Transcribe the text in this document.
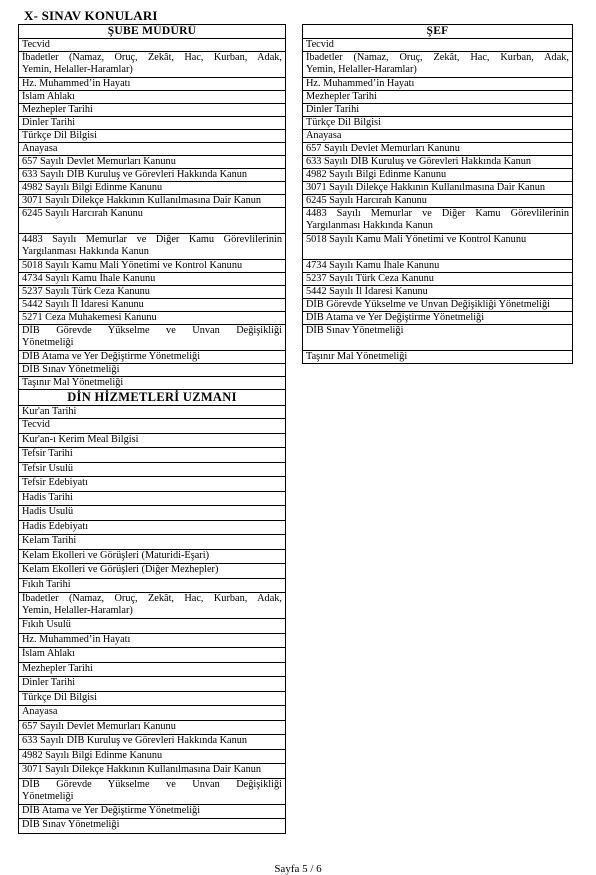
X- SINAV KONULARI
ŞUBE MÜDÜRÜ
Tecvid
İbadetler (Namaz, Oruç, Zekât, Hac, Kurban, Adak,
Yemin, Helaller-Haramlar)

Hz. Muhammed’in Hayatı
İslam Ahlakı
Mezhepler Tarihi
Dinler Tarihi
Türkçe Dil Bilgisi
Anayasa
657 Sayılı Devlet Memurları Kanunu
633 Sayılı DİB Kuruluş ve Görevleri Hakkında Kanun
4982 Sayılı Bilgi Edinme Kanunu
3071 Sayılı Dilekçe Hakkının Kullanılmasına Dair Kanun
6245 Sayılı Harcırah Kanunu
4483 Sayılı Memurlar ve Diğer Kamu Görevlilerinin
Yargılanması Hakkında Kanun

5018 Sayılı Kamu Mali Yönetimi ve Kontrol Kanunu
4734 Sayılı Kamu İhale Kanunu
5237 Sayılı Türk Ceza Kanunu
5442 Sayılı İl İdaresi Kanunu
5271 Ceza Muhakemesi Kanunu
DİB Görevde Yükselme ve Unvan Değişikliği
Yönetmeliği

DİB Atama ve Yer Değiştirme Yönetmeliği
DİB Sınav Yönetmeliği
Taşınır Mal Yönetmeliği
DİN HİZMETLERİ UZMANI
Kur'an Tarihi
Tecvid
Kur'an-ı Kerim Meal Bilgisi
Tefsir Tarihi
Tefsir Usulü
Tefsir Edebiyatı
Hadis Tarihi
Hadis Usulü
Hadis Edebiyatı
Kelam Tarihi
Kelam Ekolleri ve Görüşleri (Maturidi-Eşari)
Kelam Ekolleri ve Görüşleri (Diğer Mezhepler)
Fıkıh Tarihi
İbadetler (Namaz, Oruç, Zekât, Hac, Kurban, Adak,
Yemin, Helaller-Haramlar)

Fıkıh Usulü
Hz. Muhammed’in Hayatı
İslam Ahlakı
Mezhepler Tarihi
Dinler Tarihi
Türkçe Dil Bilgisi
Anayasa
657 Sayılı Devlet Memurları Kanunu
633 Sayılı DİB Kuruluş ve Görevleri Hakkında Kanun
4982 Sayılı Bilgi Edinme Kanunu
3071 Sayılı Dilekçe Hakkının Kullanılmasına Dair Kanun
DİB Görevde Yükselme ve Unvan Değişikliği
Yönetmeliği

DİB Atama ve Yer Değiştirme Yönetmeliği
DİB Sınav Yönetmeliği
ŞEF
Tecvid
İbadetler (Namaz, Oruç, Zekât, Hac, Kurban, Adak,
Yemin, Helaller-Haramlar)

Hz. Muhammed’in Hayatı
Mezhepler Tarihi
Dinler Tarihi
Türkçe Dil Bilgisi
Anayasa
657 Sayılı Devlet Memurları Kanunu
633 Sayılı DİB Kuruluş ve Görevleri Hakkında Kanun
4982 Sayılı Bilgi Edinme Kanunu
3071 Sayılı Dilekçe Hakkının Kullanılmasına Dair Kanun
6245 Sayılı Harcırah Kanunu
4483 Sayılı Memurlar ve Diğer Kamu Görevlilerinin
Yargılanması Hakkında Kanun

5018 Sayılı Kamu Mali Yönetimi ve Kontrol Kanunu
4734 Sayılı Kamu İhale Kanunu
5237 Sayılı Türk Ceza Kanunu
5442 Sayılı İl İdaresi Kanunu
DİB Görevde Yükselme ve Unvan Değişikliği Yönetmeliği
DİB Atama ve Yer Değiştirme Yönetmeliği
DİB Sınav Yönetmeliği
Taşınır Mal Yönetmeliği
Sayfa 5 / 6
